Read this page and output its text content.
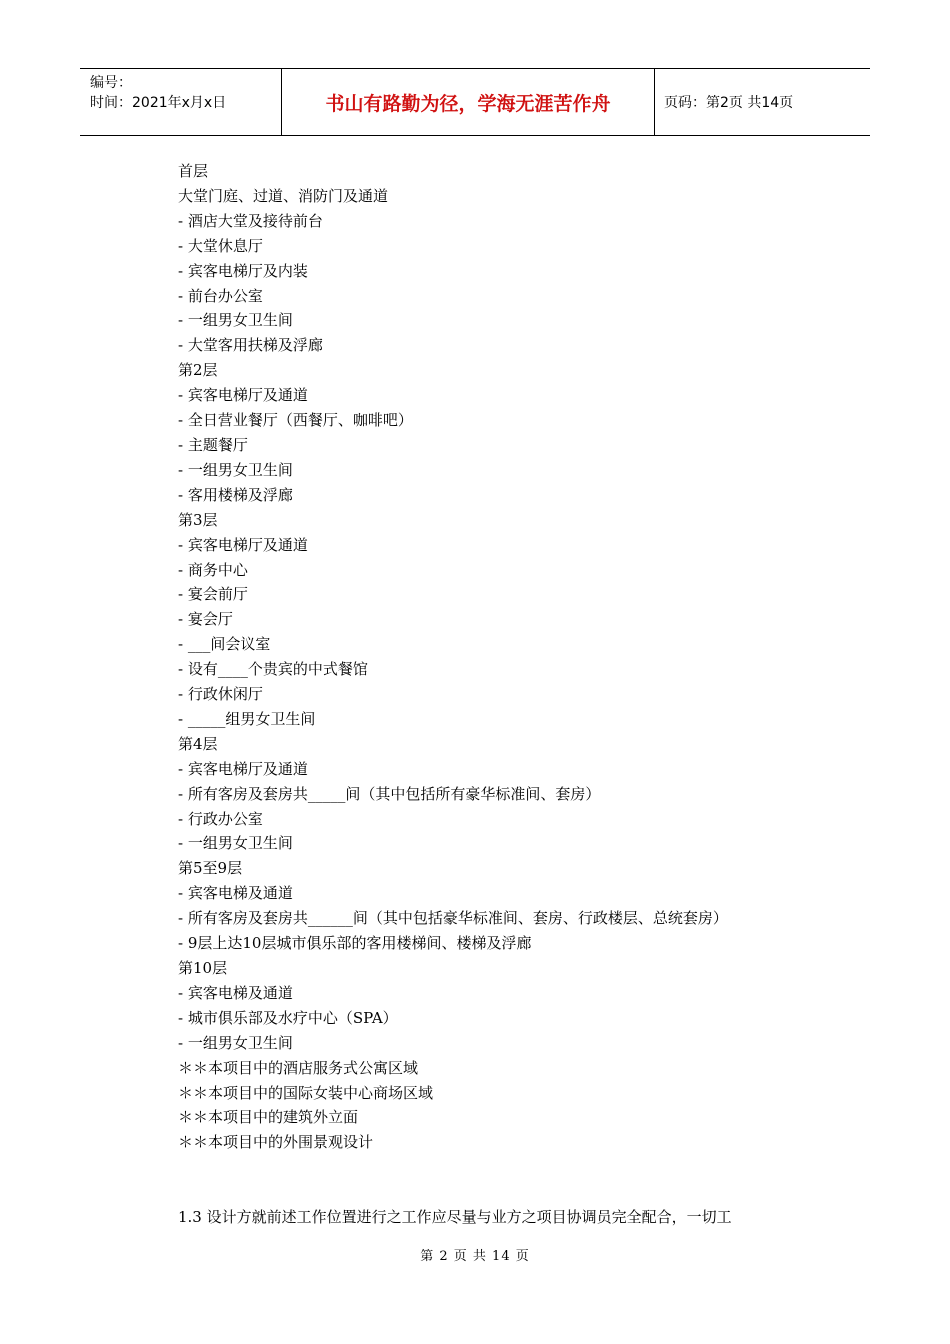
编号：
时间：2021年x月x日	书山有路勤为径，学海无涯苦作舟	页码：第2页 共14页
首层
大堂门庭、过道、消防门及通道
- 酒店大堂及接待前台
- 大堂休息厅
- 宾客电梯厅及内装
- 前台办公室
- 一组男女卫生间
- 大堂客用扶梯及浮廊
第2层
- 宾客电梯厅及通道
- 全日营业餐厅（西餐厅、咖啡吧）
- 主题餐厅
- 一组男女卫生间
- 客用楼梯及浮廊
第3层
- 宾客电梯厅及通道
- 商务中心
- 宴会前厅
- 宴会厅
- ___间会议室
- 设有____个贵宾的中式餐馆
- 行政休闲厅
- _____组男女卫生间
第4层
- 宾客电梯厅及通道
- 所有客房及套房共_____间（其中包括所有豪华标准间、套房）
- 行政办公室
- 一组男女卫生间
第5至9层
- 宾客电梯及通道
- 所有客房及套房共______间（其中包括豪华标准间、套房、行政楼层、总统套房）
- 9层上达10层城市俱乐部的客用楼梯间、楼梯及浮廊
第10层
- 宾客电梯及通道
- 城市俱乐部及水疗中心（SPA）
- 一组男女卫生间
＊＊本项目中的酒店服务式公寓区域
＊＊本项目中的国际女装中心商场区域
＊＊本项目中的建筑外立面
＊＊本项目中的外围景观设计
1.3 设计方就前述工作位置进行之工作应尽量与业方之项目协调员完全配合，一切工
第 2 页 共 14 页
